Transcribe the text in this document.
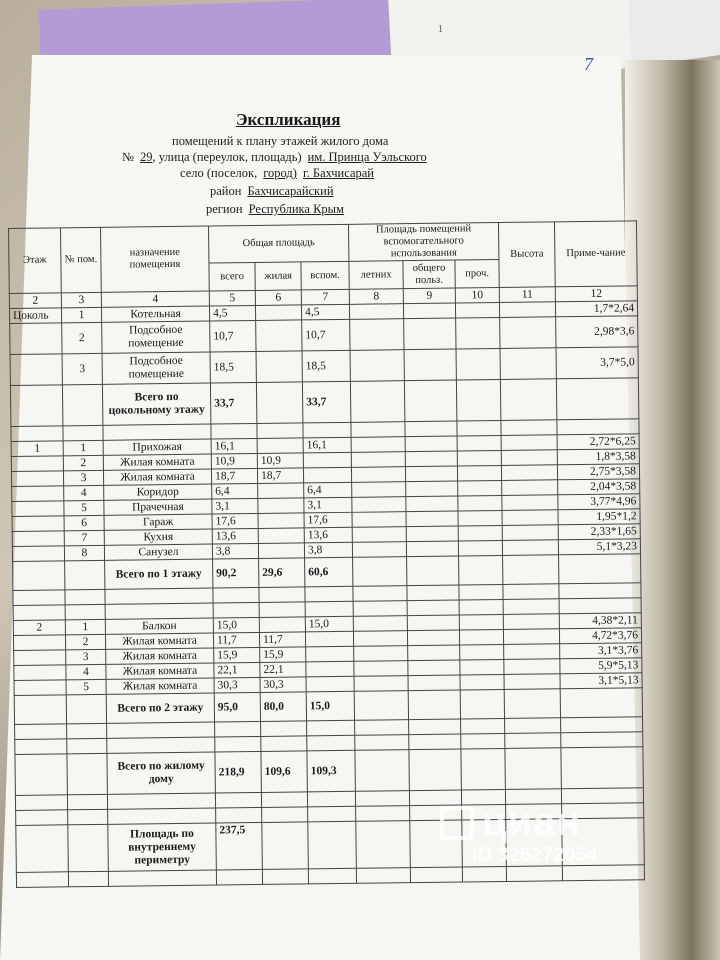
1
7
Экспликация
помещений к плану этажей жилого дома
№ 29, улица (переулок, площадь) им. Принца Уэльского
село (поселок, город) г. Бахчисарай
район Бахчисарайский
регион Республика Крым
Этаж	№ пом.	назначение помещения	Общая площадь			Площадь помещений вспомогательного использования			Высота	Приме-чание
			всего	жилая	вспом.	летних	общего польз.	проч.		
2	3	4	5	6	7	8	9	10	11	12
Цоколь	1	Котельная	4,5		4,5					1,7*2,64
	2	Подсобное помещение	10,7		10,7					2,98*3,6
	3	Подсобное помещение	18,5		18,5					3,7*5,0
		Всего по цокольному этажу	33,7		33,7					

1	1	Прихожая	16,1		16,1					2,72*6,25
	2	Жилая комната	10,9	10,9						1,8*3,58
	3	Жилая комната	18,7	18,7						2,75*3,58
	4	Коридор	6,4		6,4					2,04*3,58
	5	Прачечная	3,1		3,1					3,77*4,96
	6	Гараж	17,6		17,6					1,95*1,2
	7	Кухня	13,6		13,6					2,33*1,65
	8	Санузел	3,8		3,8					5,1*3,23
		Всего по 1 этажу	90,2	29,6	60,6					

2	1	Балкон	15,0		15,0					4,38*2,11
	2	Жилая комната	11,7	11,7						4,72*3,76
	3	Жилая комната	15,9	15,9						3,1*3,76
	4	Жилая комната	22,1	22,1						5,9*5,13
	5	Жилая комната	30,3	30,3						3,1*5,13
		Всего по 2 этажу	95,0	80,0	15,0					

		Всего по жилому дому	218,9	109,6	109,3					

		Площадь по внутреннему периметру	237,5							
											циан
ID 326272054
